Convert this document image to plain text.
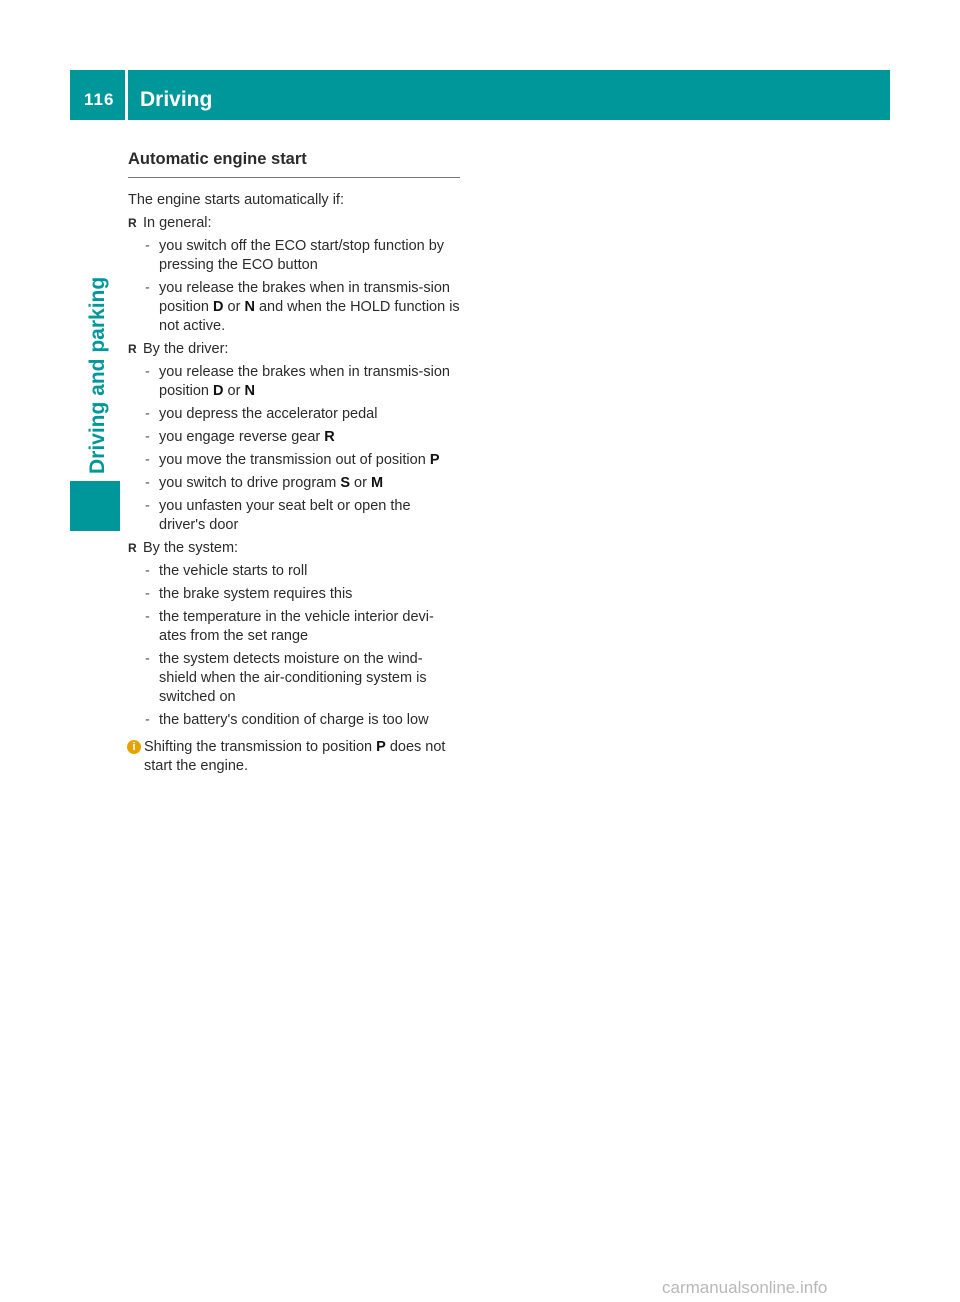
116 Driving
Driving and parking
Automatic engine start
The engine starts automatically if:
R In general:
- you switch off the ECO start/stop function by pressing the ECO button
- you release the brakes when in transmis-sion position D or N and when the HOLD function is not active.
R By the driver:
- you release the brakes when in transmis-sion position D or N
- you depress the accelerator pedal
- you engage reverse gear R
- you move the transmission out of position P
- you switch to drive program S or M
- you unfasten your seat belt or open the driver's door
R By the system:
- the vehicle starts to roll
- the brake system requires this
- the temperature in the vehicle interior devi-ates from the set range
- the system detects moisture on the wind-shield when the air-conditioning system is switched on
- the battery's condition of charge is too low
i Shifting the transmission to position P does not start the engine.
carmanualsonline.info
